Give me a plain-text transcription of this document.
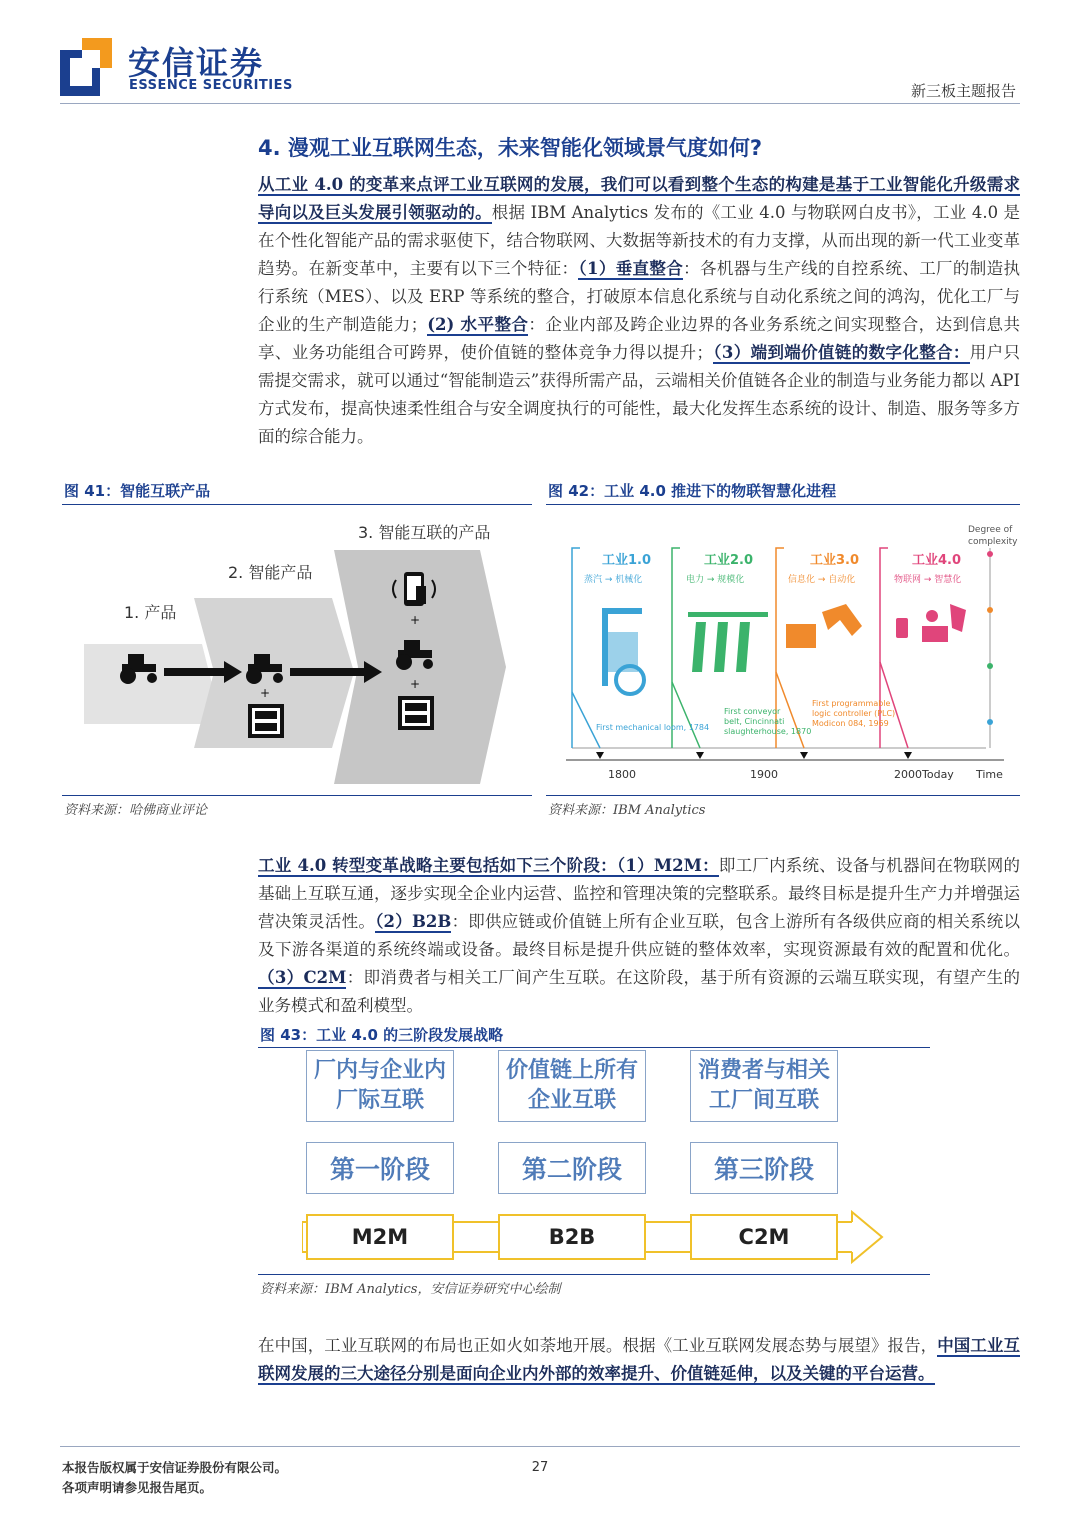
安信证券
ESSENCE SECURITIES	新三板主题报告
4. 漫观工业互联网生态，未来智能化领域景气度如何?
从工业 4.0 的变革来点评工业互联网的发展，我们可以看到整个生态的构建是基于工业智能化升级需求导向以及巨头发展引领驱动的。根据 IBM Analytics 发布的《工业 4.0 与物联网白皮书》，工业 4.0 是在个性化智能产品的需求驱使下，结合物联网、大数据等新技术的有力支撑，从而出现的新一代工业变革趋势。在新变革中，主要有以下三个特征：（1）垂直整合：各机器与生产线的自控系统、工厂的制造执行系统（MES）、以及 ERP 等系统的整合，打破原本信息化系统与自动化系统之间的鸿沟，优化工厂与企业的生产制造能力；(2) 水平整合：企业内部及跨企业边界的各业务系统之间实现整合，达到信息共享、业务功能组合可跨界，使价值链的整体竞争力得以提升；（3）端到端价值链的数字化整合：用户只需提交需求，就可以通过“智能制造云”获得所需产品，云端相关价值链各企业的制造与业务能力都以 API 方式发布，提高快速柔性组合与安全调度执行的可能性，最大化发挥生态系统的设计、制造、服务等多方面的综合能力。
图 41：智能互联产品	图 42：工业 4.0 推进下的物联智慧化进程
1. 产品
2. 智能产品
3. 智能互联的产品
+
+
+
Degree of
complexity
工业1.0
蒸汽 → 机械化
工业2.0
电力 → 规模化
工业3.0
信息化 → 自动化
工业4.0
物联网 → 智慧化
First mechanical loom, 1784
First conveyor
belt, Cincinnati
slaughterhouse, 1870
First programmable
logic controller (PLC)
Modicon 084, 1969
1800	1900	2000 Today Time
资料来源：哈佛商业评论	资料来源：IBM Analytics
工业 4.0 转型变革战略主要包括如下三个阶段：（1）M2M：即工厂内系统、设备与机器间在物联网的基础上互联互通，逐步实现全企业内运营、监控和管理决策的完整联系。最终目标是提升生产力并增强运营决策灵活性。（2）B2B：即供应链或价值链上所有企业互联，包含上游所有各级供应商的相关系统以及下游各渠道的系统终端或设备。最终目标是提升供应链的整体效率，实现资源最有效的配置和优化。（3）C2M：即消费者与相关工厂间产生互联。在这阶段，基于所有资源的云端互联实现，有望产生的业务模式和盈利模型。
图 43：工业 4.0 的三阶段发展战略
厂内与企业内
厂际互联
价值链上所有
企业互联
消费者与相关
工厂间互联
第一阶段	第二阶段	第三阶段
M2M	B2B	C2M
资料来源：IBM Analytics，安信证券研究中心绘制
在中国，工业互联网的布局也正如火如荼地开展。根据《工业互联网发展态势与展望》报告，中国工业互联网发展的三大途径分别是面向企业内外部的效率提升、价值链延伸，以及关键的平台运营。
本报告版权属于安信证券股份有限公司。
各项声明请参见报告尾页。
27
